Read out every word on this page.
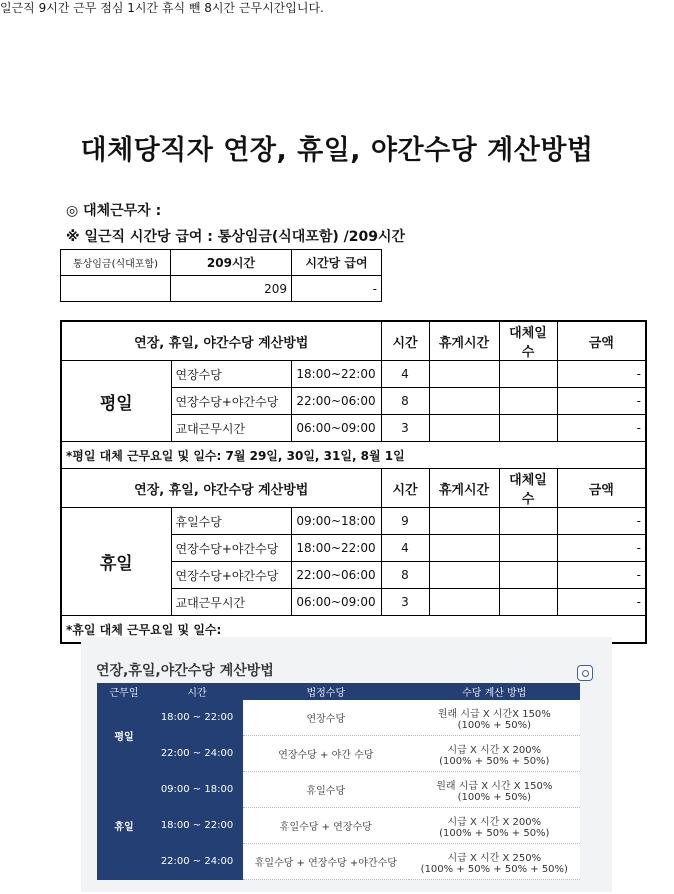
일근직 9시간 근무 점심 1시간 휴식 뺀 8시간 근무시간입니다.
대체당직자 연장, 휴일, 야간수당 계산방법
◎ 대체근무자 :
※ 일근직 시간당 급여 : 통상임금(식대포함) /209시간
통상임금(식대포함)	209시간	시간당 급여
	209	-
연장, 휴일, 야간수당 계산방법			시간	휴게시간	대체일수	금액
평일	연장수당	18:00~22:00	4			-
	연장수당+야간수당	22:00~06:00	8			-
	교대근무시간	06:00~09:00	3			-
*평일 대체 근무요일 및 일수: 7월 29일, 30일, 31일, 8월 1일						
연장, 휴일, 야간수당 계산방법			시간	휴게시간	대체일수	금액
휴일	휴일수당	09:00~18:00	9			-
	연장수당+야간수당	18:00~22:00	4			-
	연장수당+야간수당	22:00~06:00	8			-
	교대근무시간	06:00~09:00	3			-
*휴일 대체 근무요일 및 일수:						
연장,휴일,야간수당 계산방법
근무일	시간	법정수당	수당 계산 방법
평일	18:00 ~ 22:00	연장수당	원래 시급 X 시간X 150%
(100% + 50%)
	22:00 ~ 24:00	연장수당 + 야간 수당	시급 X 시간 X 200%
(100% + 50% + 50%)
휴일	09:00 ~ 18:00	휴일수당	원래 시급 X 시간 X 150%
(100% + 50%)
	18:00 ~ 22:00	휴일수당 + 연장수당	시급 X 시간 X 200%
(100% + 50% + 50%)
	22:00 ~ 24:00	휴일수당 + 연장수당 +야간수당	시급 X 시간 X 250%
(100% + 50% + 50% + 50%)
